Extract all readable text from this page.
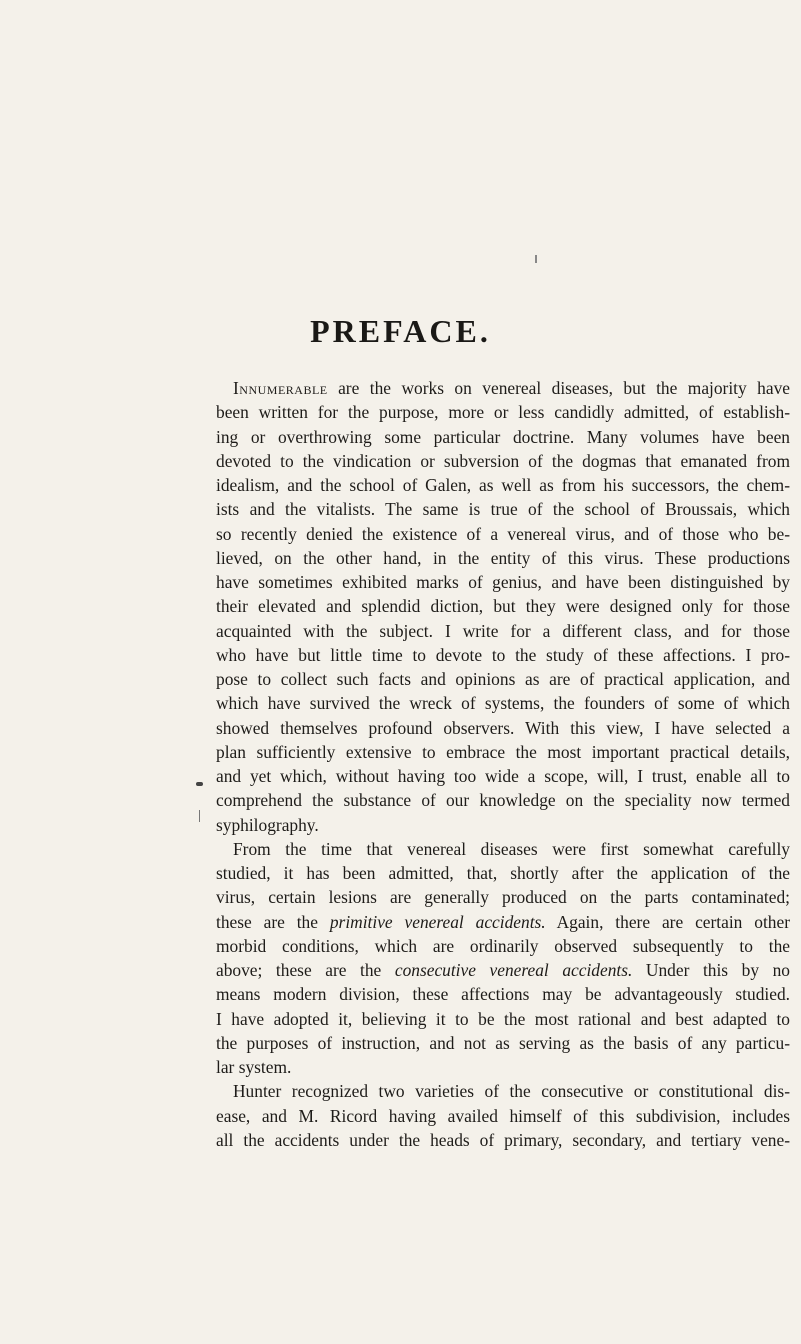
PREFACE.
Innumerable are the works on venereal diseases, but the majority have
been written for the purpose, more or less candidly admitted, of establish-
ing or overthrowing some particular doctrine. Many volumes have been
devoted to the vindication or subversion of the dogmas that emanated from
idealism, and the school of Galen, as well as from his successors, the chem-
ists and the vitalists. The same is true of the school of Broussais, which
so recently denied the existence of a venereal virus, and of those who be-
lieved, on the other hand, in the entity of this virus. These productions
have sometimes exhibited marks of genius, and have been distinguished by
their elevated and splendid diction, but they were designed only for those
acquainted with the subject. I write for a different class, and for those
who have but little time to devote to the study of these affections. I pro-
pose to collect such facts and opinions as are of practical application, and
which have survived the wreck of systems, the founders of some of which
showed themselves profound observers. With this view, I have selected a
plan sufficiently extensive to embrace the most important practical details,
and yet which, without having too wide a scope, will, I trust, enable all to
comprehend the substance of our knowledge on the speciality now termed
syphilography.
From the time that venereal diseases were first somewhat carefully
studied, it has been admitted, that, shortly after the application of the
virus, certain lesions are generally produced on the parts contaminated;
these are the primitive venereal accidents. Again, there are certain other
morbid conditions, which are ordinarily observed subsequently to the
above; these are the consecutive venereal accidents. Under this by no
means modern division, these affections may be advantageously studied.
I have adopted it, believing it to be the most rational and best adapted to
the purposes of instruction, and not as serving as the basis of any particu-
lar system.
Hunter recognized two varieties of the consecutive or constitutional dis-
ease, and M. Ricord having availed himself of this subdivision, includes
all the accidents under the heads of primary, secondary, and tertiary vene-
